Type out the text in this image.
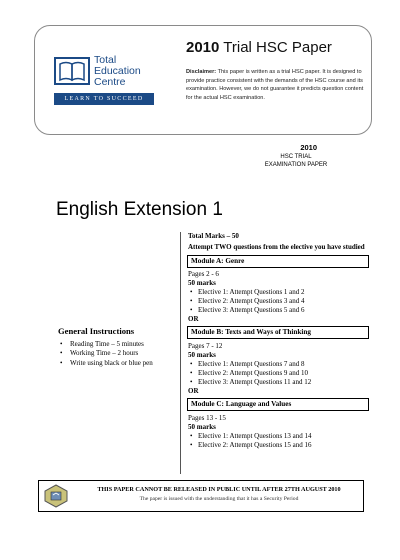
Total
Education
Centre
LEARN TO SUCCEED
2010 Trial HSC Paper
Disclaimer: This paper is written as a trial HSC paper. It is designed to provide practice consistent with the demands of the HSC course and its examination. However, we do not guarantee it predicts question content for the actual HSC examination.
2010
HSC TRIAL
EXAMINATION PAPER
English Extension 1

Total Marks – 50

Attempt TWO questions from the elective you have studied

Module A: Genre

Pages 2 - 6

50 marks

• Elective 1: Attempt Questions 1 and 2
• Elective 2: Attempt Questions 3 and 4
• Elective 3: Attempt Questions 5 and 6

OR

Module B: Texts and Ways of Thinking

Pages 7 - 12

50 marks

• Elective 1: Attempt Questions 7 and 8
• Elective 2: Attempt Questions 9 and 10
• Elective 3: Attempt Questions 11 and 12

OR

Module C: Language and Values

Pages 13 - 15

50 marks

• Elective 1: Attempt Questions 13 and 14
• Elective 2: Attempt Questions 15 and 16
General Instructions
• Reading Time – 5 minutes
• Working Time – 2 hours
• Write using black or blue pen
THIS PAPER CANNOT BE RELEASED IN PUBLIC UNTIL AFTER 27TH AUGUST 2010
The paper is issued with the understanding that it has a Security Period
